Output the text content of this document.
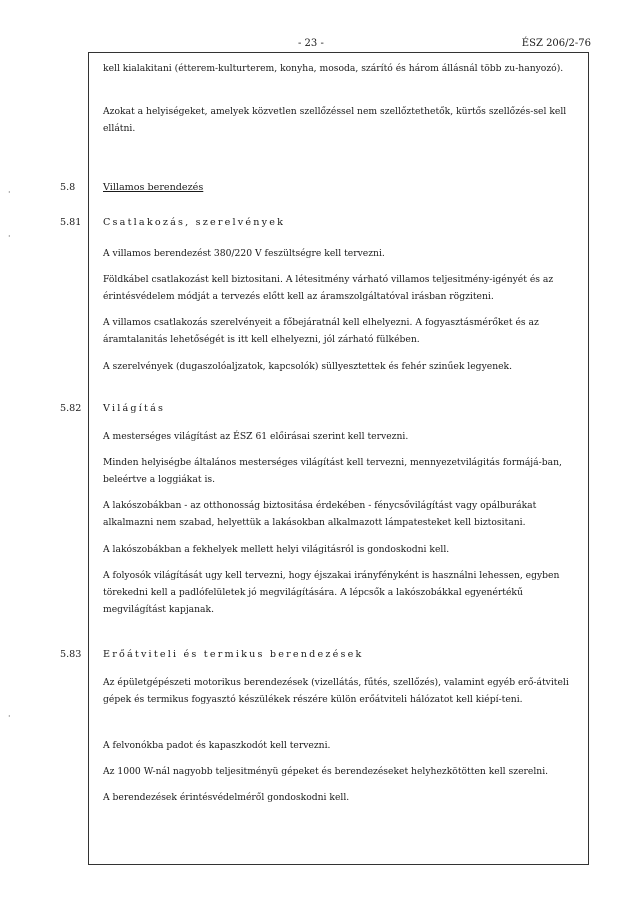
- 23 -	ÉSZ 206/2-76

kell kialakitani (étterem-kulturterem, konyha, mosoda, szárító és három állásnál több zu-hanyozó).

Azokat a helyiségeket, amelyek közvetlen szellőzéssel nem szellőztethetők, kürtős szellőzés-sel kell ellátni.

5.8	Villamos berendezés
5.81 Csatlakozás, szerelvények

A villamos berendezést 380/220 V feszültségre kell tervezni.

Földkábel csatlakozást kell biztositani. A létesitmény várható villamos teljesitmény-igényét és az érintésvédelem módját a tervezés előtt kell az áramszolgáltatóval irásban rögziteni.

A villamos csatlakozás szerelvényeit a főbejáratnál kell elhelyezni. A fogyasztásmérőket és az áramtalanitás lehetőségét is itt kell elhelyezni, jól zárható fülkében.

A szerelvények (dugaszolóaljzatok, kapcsolók) süllyesztettek és fehér szinűek legyenek.

5.82 Világítás

A mesterséges világítást az ÉSZ 61 előirásai szerint kell tervezni.

Minden helyiségbe általános mesterséges világítást kell tervezni, mennyezetvilágitás formájá-ban, beleértve a loggiákat is.

A lakószobákban - az otthonosság biztositása érdekében - fénycsővilágítást vagy opálburákat alkalmazni nem szabad, helyettük a lakásokban alkalmazott lámpatesteket kell biztositani.

A lakószobákban a fekhelyek mellett helyi világitásról is gondoskodni kell.

A folyosók világítását ugy kell tervezni, hogy éjszakai irányfényként is használni lehessen, egyben törekedni kell a padlófelületek jó megvilágítására. A lépcsők a lakószobákkal egyenértékű megvilágítást kapjanak.

5.83 Erőátviteli és termikus berendezések

Az épületgépészeti motorikus berendezések (vizellátás, fűtés, szellőzés), valamint egyéb erő-átviteli gépek és termikus fogyasztó készülékek részére külön erőátviteli hálózatot kell kiépí-teni.

A felvonókba padot és kapaszkodót kell tervezni.

Az 1000 W-nál nagyobb teljesitményü gépeket és berendezéseket helyhezkötötten kell szerelni.

A berendezések érintésvédelméről gondoskodni kell.

·
·
·
